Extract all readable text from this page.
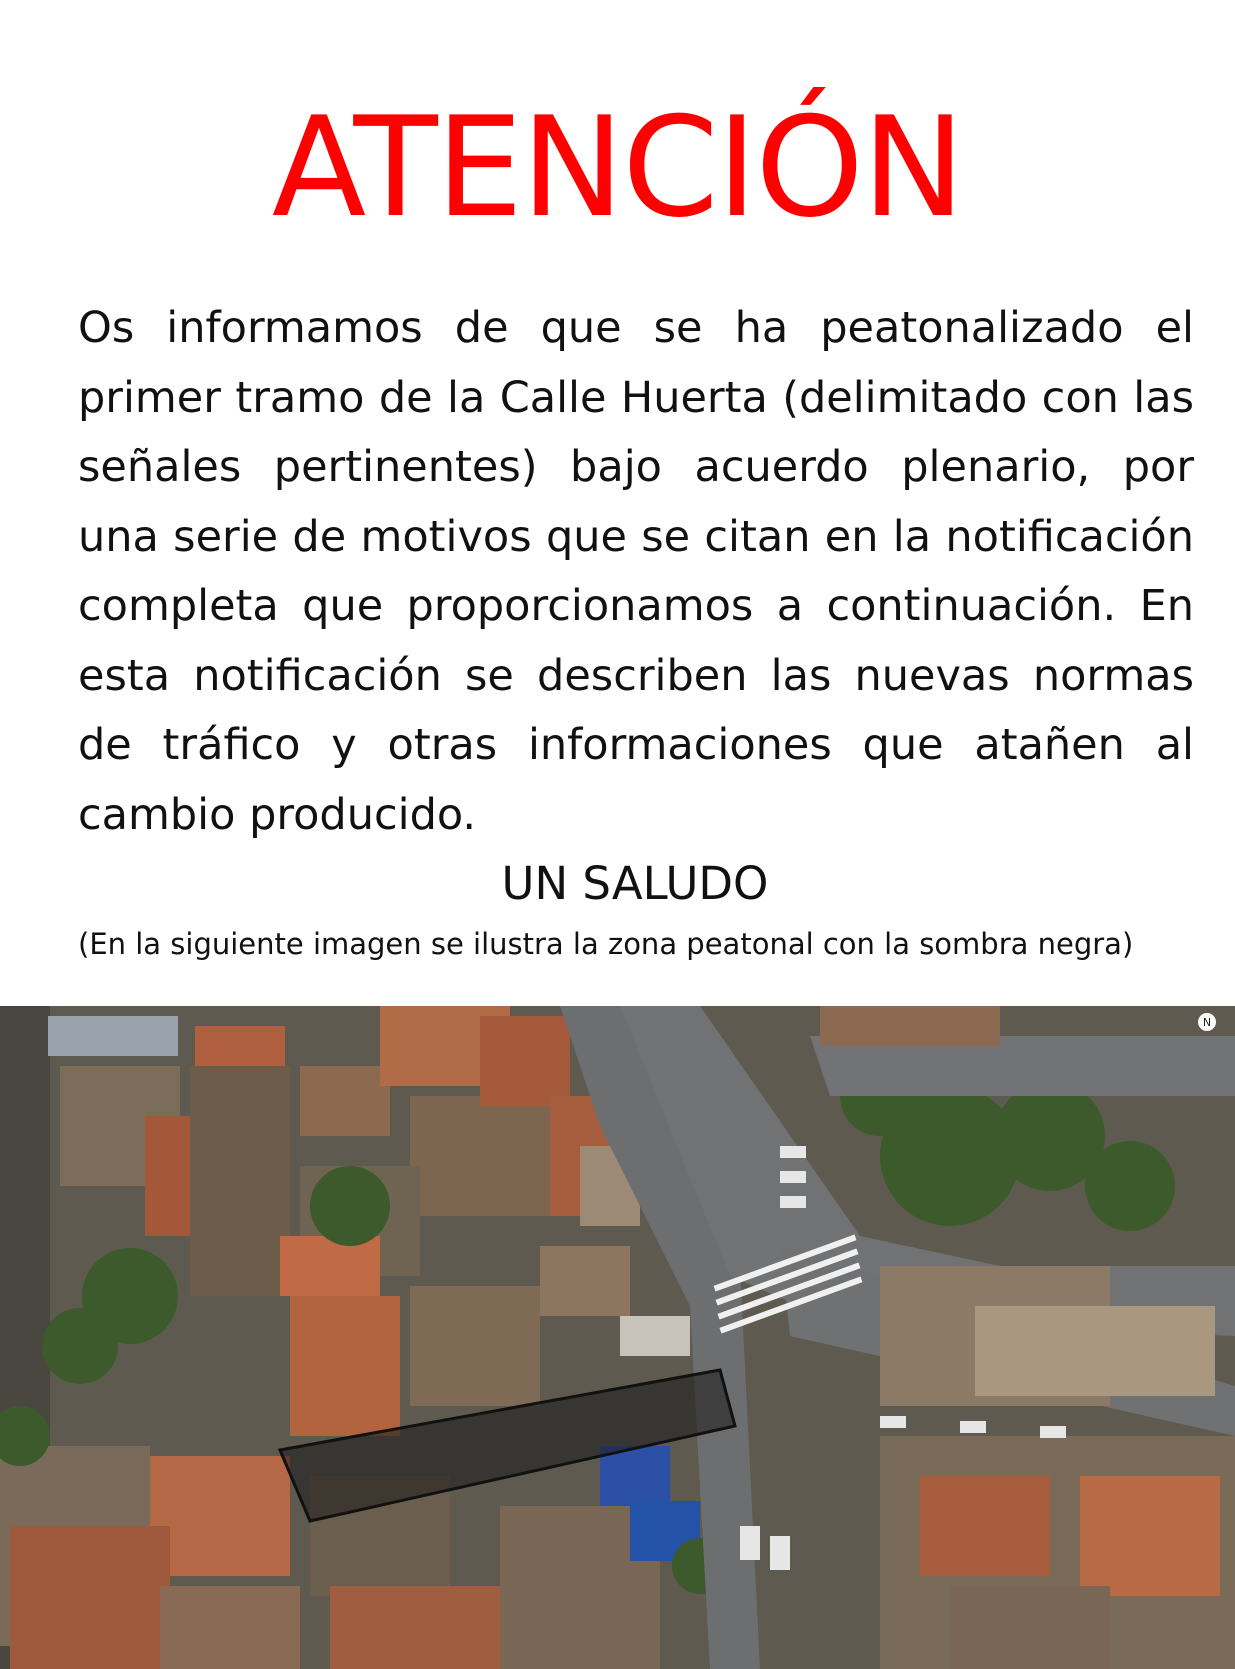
ATENCIÓN

Os informamos de que se ha peatonalizado el primer tramo de la Calle Huerta (delimitado con las señales pertinentes) bajo acuerdo plenario, por una serie de motivos que se citan en la notificación completa que proporcionamos a continuación. En esta notificación se describen las nuevas normas de tráfico y otras informaciones que atañen al cambio producido.

UN SALUDO

(En la siguiente imagen se ilustra la zona peatonal con la sombra negra)

N
